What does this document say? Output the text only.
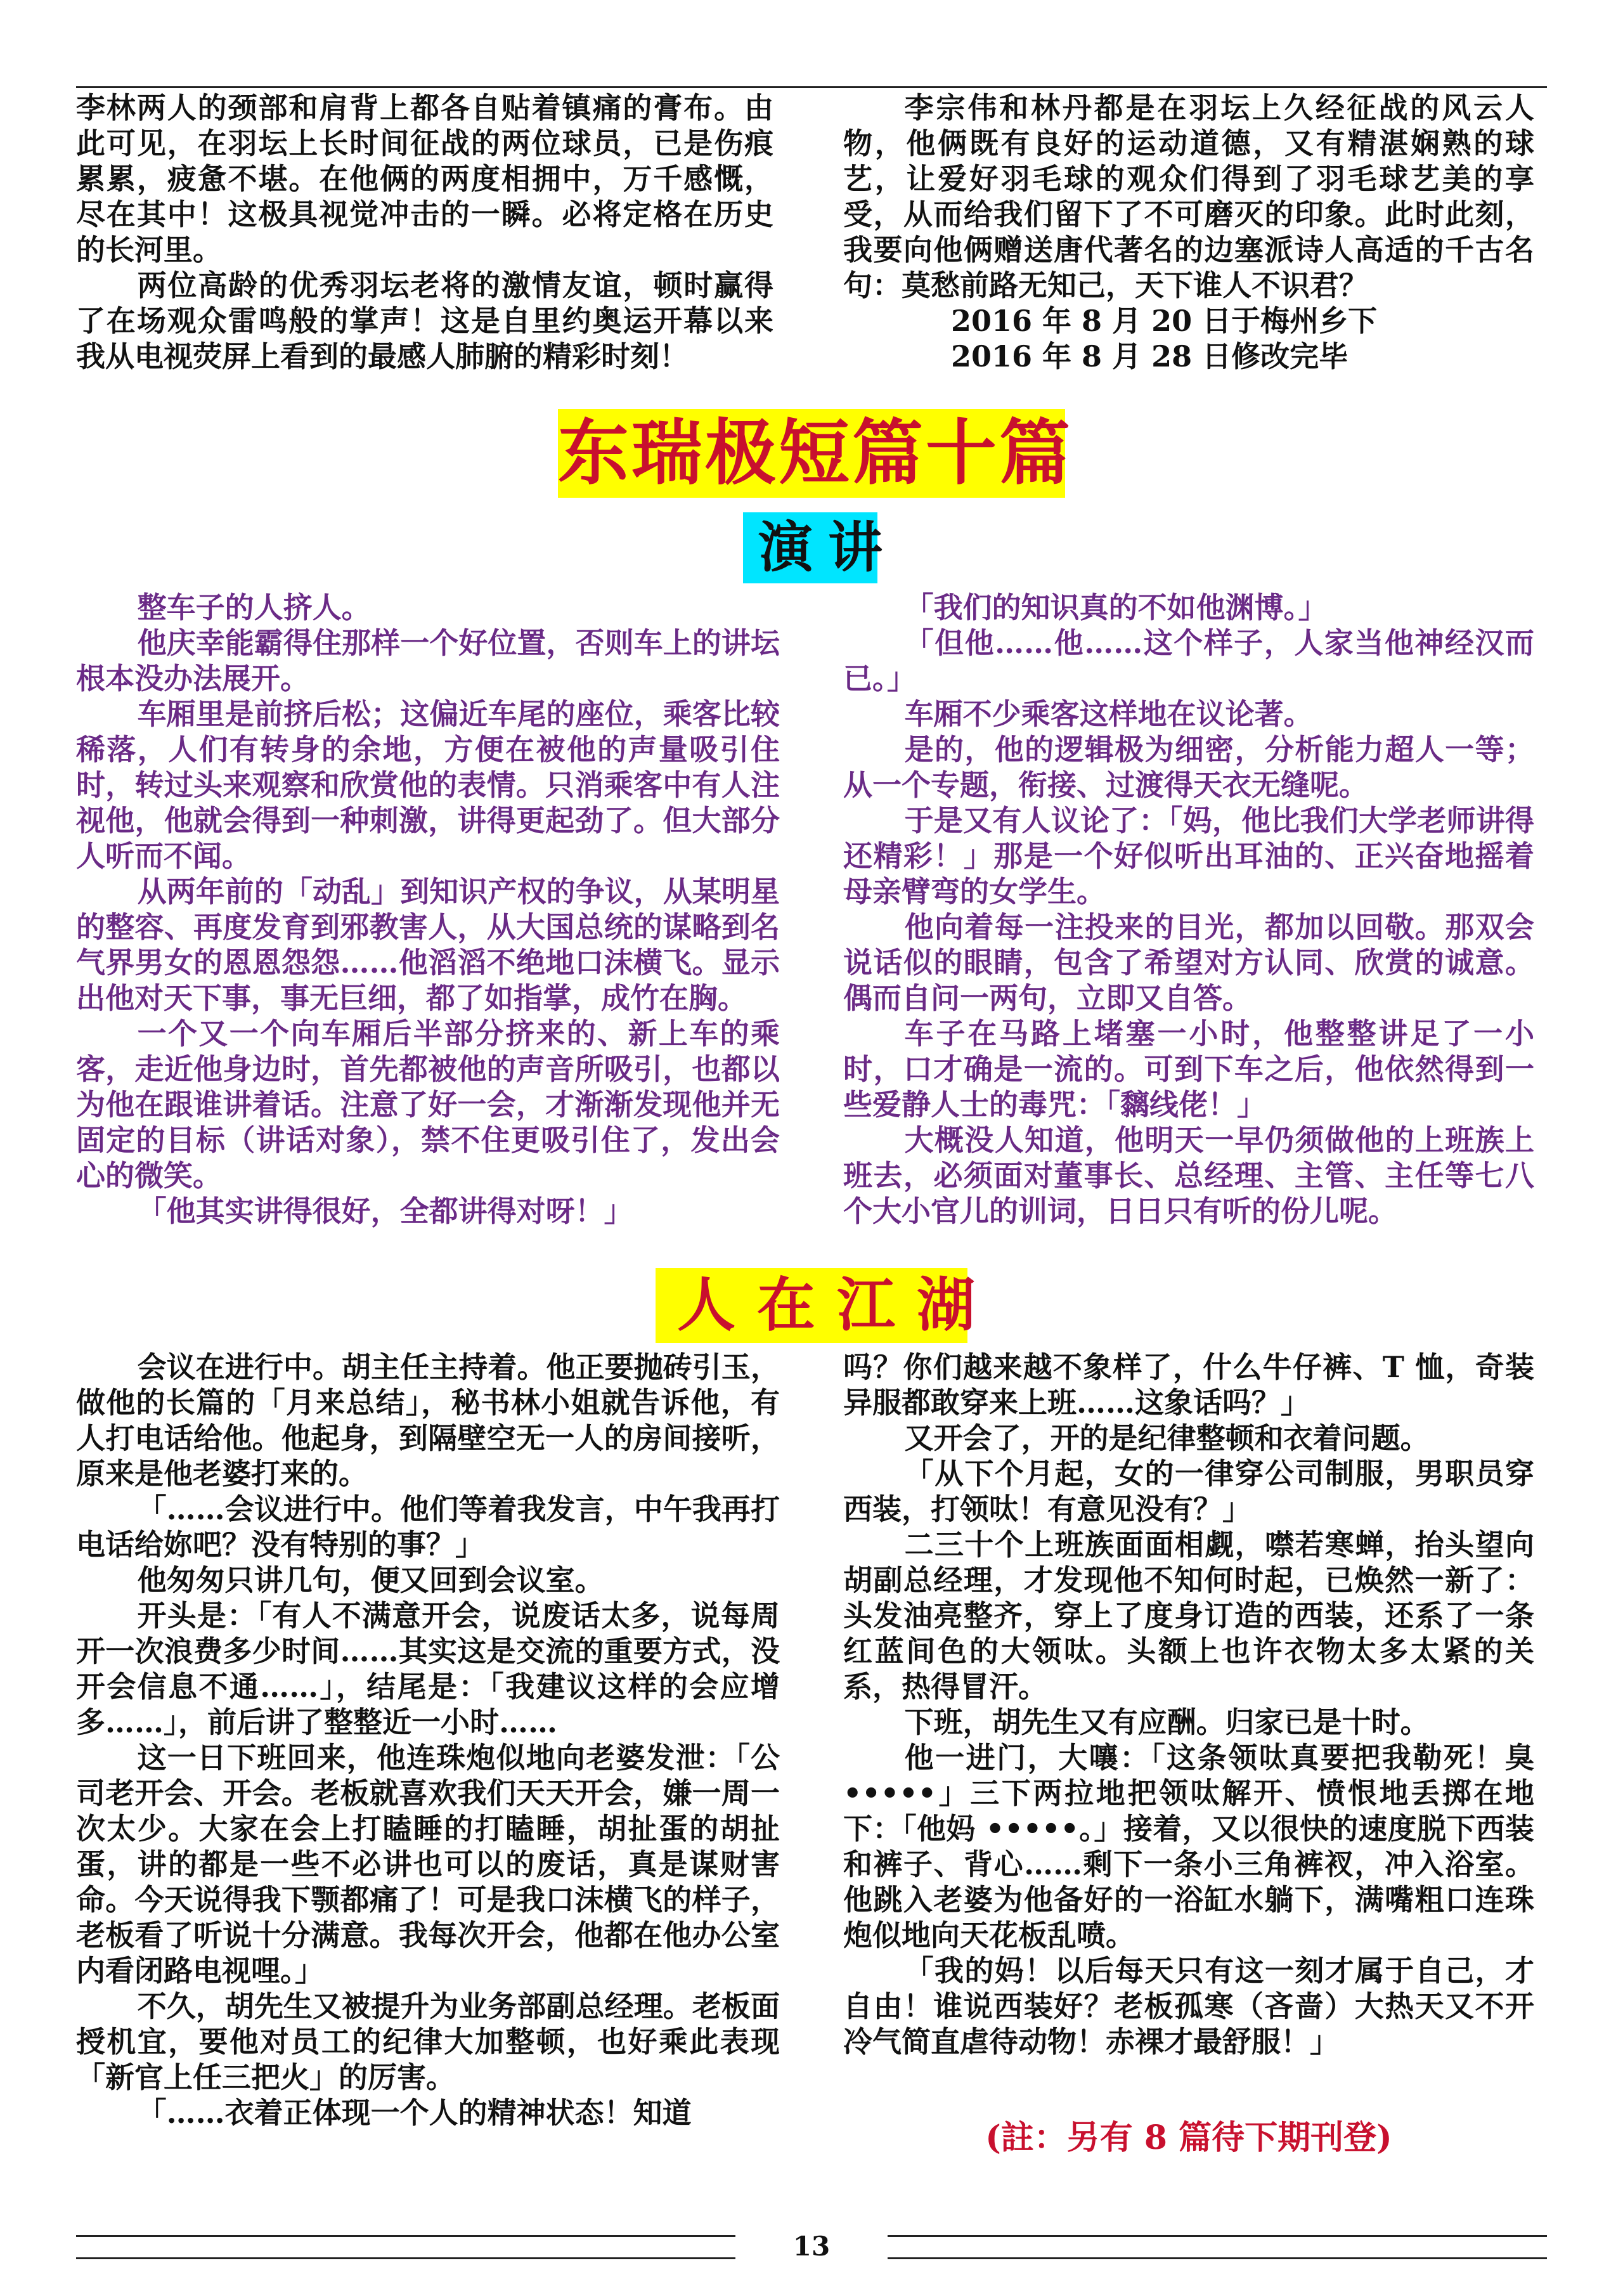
李林两人的颈部和肩背上都各自贴着镇痛的膏布。由此可见，在羽坛上长时间征战的两位球员，已是伤痕累累，疲惫不堪。在他俩的两度相拥中，万千感慨，尽在其中！这极具视觉冲击的一瞬。必将定格在历史的长河里。

两位高龄的优秀羽坛老将的激情友谊，顿时赢得了在场观众雷鸣般的掌声！这是自里约奥运开幕以来我从电视荧屏上看到的最感人肺腑的精彩时刻！

李宗伟和林丹都是在羽坛上久经征战的风云人物，他俩既有良好的运动道德，又有精湛娴熟的球艺，让爱好羽毛球的观众们得到了羽毛球艺美的享受，从而给我们留下了不可磨灭的印象。此时此刻，我要向他俩赠送唐代著名的边塞派诗人高适的千古名句：莫愁前路无知己，天下谁人不识君？

2016 年 8 月 20 日于梅州乡下

2016 年 8 月 28 日修改完毕

东瑞极短篇十篇
演讲

整车子的人挤人。

他庆幸能霸得住那样一个好位置，否则车上的讲坛根本没办法展开。

车厢里是前挤后松；这偏近车尾的座位，乘客比较稀落，人们有转身的余地，方便在被他的声量吸引住时，转过头来观察和欣赏他的表情。只消乘客中有人注视他，他就会得到一种刺激，讲得更起劲了。但大部分人听而不闻。

从两年前的「动乱」到知识产权的争议，从某明星的整容、再度发育到邪教害人，从大国总统的谋略到名气界男女的恩恩怨怨……他滔滔不绝地口沫横飞。显示出他对天下事，事无巨细，都了如指掌，成竹在胸。

一个又一个向车厢后半部分挤来的、新上车的乘客，走近他身边时，首先都被他的声音所吸引，也都以为他在跟谁讲着话。注意了好一会，才渐渐发现他并无固定的目标（讲话对象），禁不住更吸引住了，发出会心的微笑。

「他其实讲得很好，全都讲得对呀！」

「我们的知识真的不如他渊博。」

「但他……他……这个样子，人家当他神经汉而已。」

车厢不少乘客这样地在议论著。

是的，他的逻辑极为细密，分析能力超人一等；从一个专题，衔接、过渡得天衣无缝呢。

于是又有人议论了：「妈，他比我们大学老师讲得还精彩！」那是一个好似听出耳油的、正兴奋地摇着母亲臂弯的女学生。

他向着每一注投来的目光，都加以回敬。那双会说话似的眼睛，包含了希望对方认同、欣赏的诚意。偶而自问一两句，立即又自答。

车子在马路上堵塞一小时，他整整讲足了一小时，口才确是一流的。可到下车之后，他依然得到一些爱静人士的毒咒：「黐线佬！」

大概没人知道，他明天一早仍须做他的上班族上班去，必须面对董事长、总经理、主管、主任等七八个大小官儿的训词，日日只有听的份儿呢。

人在江湖

会议在进行中。胡主任主持着。他正要抛砖引玉，做他的长篇的「月来总结」，秘书林小姐就告诉他，有人打电话给他。他起身，到隔壁空无一人的房间接听，原来是他老婆打来的。

「……会议进行中。他们等着我发言，中午我再打电话给妳吧？没有特别的事？」

他匆匆只讲几句，便又回到会议室。

开头是：「有人不满意开会，说废话太多，说每周开一次浪费多少时间……其实这是交流的重要方式，没开会信息不通……」，结尾是：「我建议这样的会应增多……」，前后讲了整整近一小时……

这一日下班回来，他连珠炮似地向老婆发泄：「公司老开会、开会。老板就喜欢我们天天开会，嫌一周一次太少。大家在会上打瞌睡的打瞌睡，胡扯蛋的胡扯蛋，讲的都是一些不必讲也可以的废话，真是谋财害命。今天说得我下颚都痛了！可是我口沫横飞的样子，老板看了听说十分满意。我每次开会，他都在他办公室内看闭路电视哩。」

不久，胡先生又被提升为业务部副总经理。老板面授机宜，要他对员工的纪律大加整顿，也好乘此表现「新官上任三把火」的厉害。

「……衣着正体现一个人的精神状态！知道

吗？你们越来越不象样了，什么牛仔裤、T 恤，奇装异服都敢穿来上班……这象话吗？」

又开会了，开的是纪律整顿和衣着问题。

「从下个月起，女的一律穿公司制服，男职员穿西装，打领呔！有意见没有？」

二三十个上班族面面相觑，噤若寒蝉，抬头望向胡副总经理，才发现他不知何时起，已焕然一新了：头发油亮整齐，穿上了度身订造的西装，还系了一条红蓝间色的大领呔。头额上也许衣物太多太紧的关系，热得冒汗。

下班，胡先生又有应酬。归家已是十时。

他一进门，大嚷：「这条领呔真要把我勒死！臭 •••••」三下两拉地把领呔解开、愤恨地丢掷在地下：「他妈 •••••。」接着，又以很快的速度脱下西装和裤子、背心……剩下一条小三角裤衩，冲入浴室。他跳入老婆为他备好的一浴缸水躺下，满嘴粗口连珠炮似地向天花板乱喷。

「我的妈！以后每天只有这一刻才属于自己，才自由！谁说西装好？老板孤寒（吝啬）大热天又不开冷气简直虐待动物！赤裸才最舒服！」

(註：另有 8 篇待下期刊登)
13
